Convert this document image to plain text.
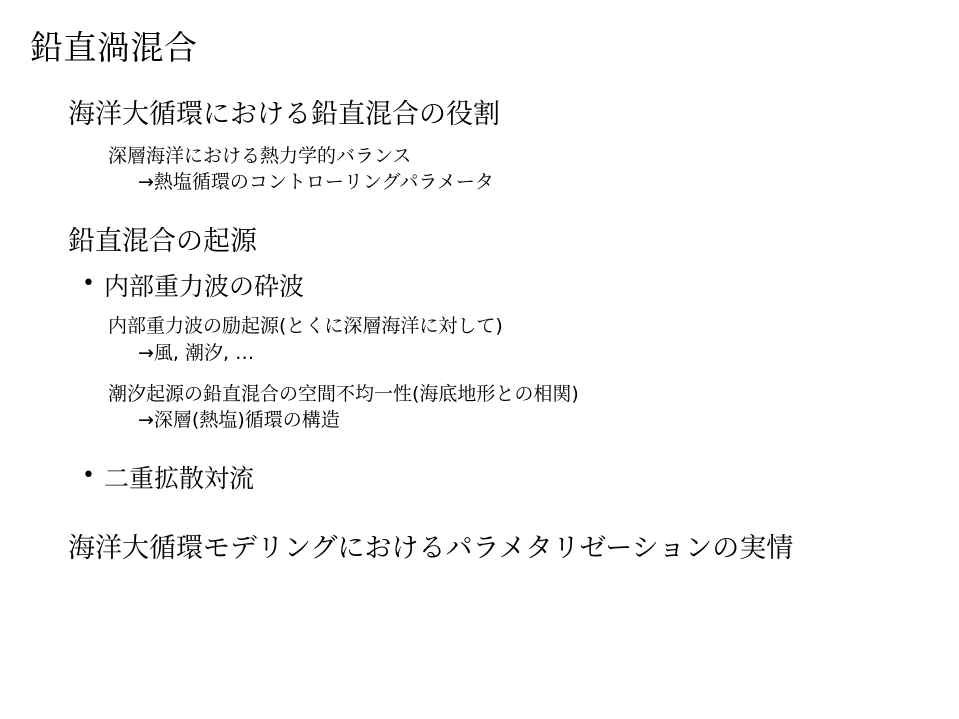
鉛直渦混合
海洋大循環における鉛直混合の役割
深層海洋における熱力学的バランス
→熱塩循環のコントローリングパラメータ
鉛直混合の起源
• 内部重力波の砕波
内部重力波の励起源(とくに深層海洋に対して)
→風, 潮汐, …
潮汐起源の鉛直混合の空間不均一性(海底地形との相関)
→深層(熱塩)循環の構造
• 二重拡散対流
海洋大循環モデリングにおけるパラメタリゼーションの実情
